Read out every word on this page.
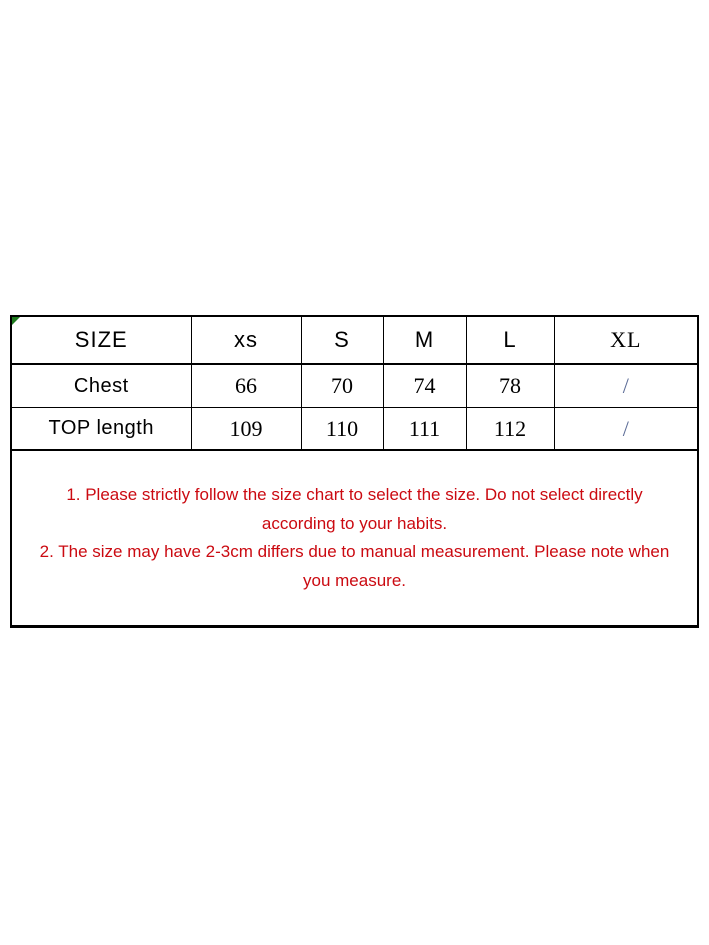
SIZE	xs	S	M	L	XL
Chest	66	70	74	78	/
TOP length	109	110	111	112	/

1. Please strictly follow the size chart to select the size. Do not select directly
according to your habits.
2. The size may have 2-3cm differs due to manual measurement. Please note when
you measure.					
